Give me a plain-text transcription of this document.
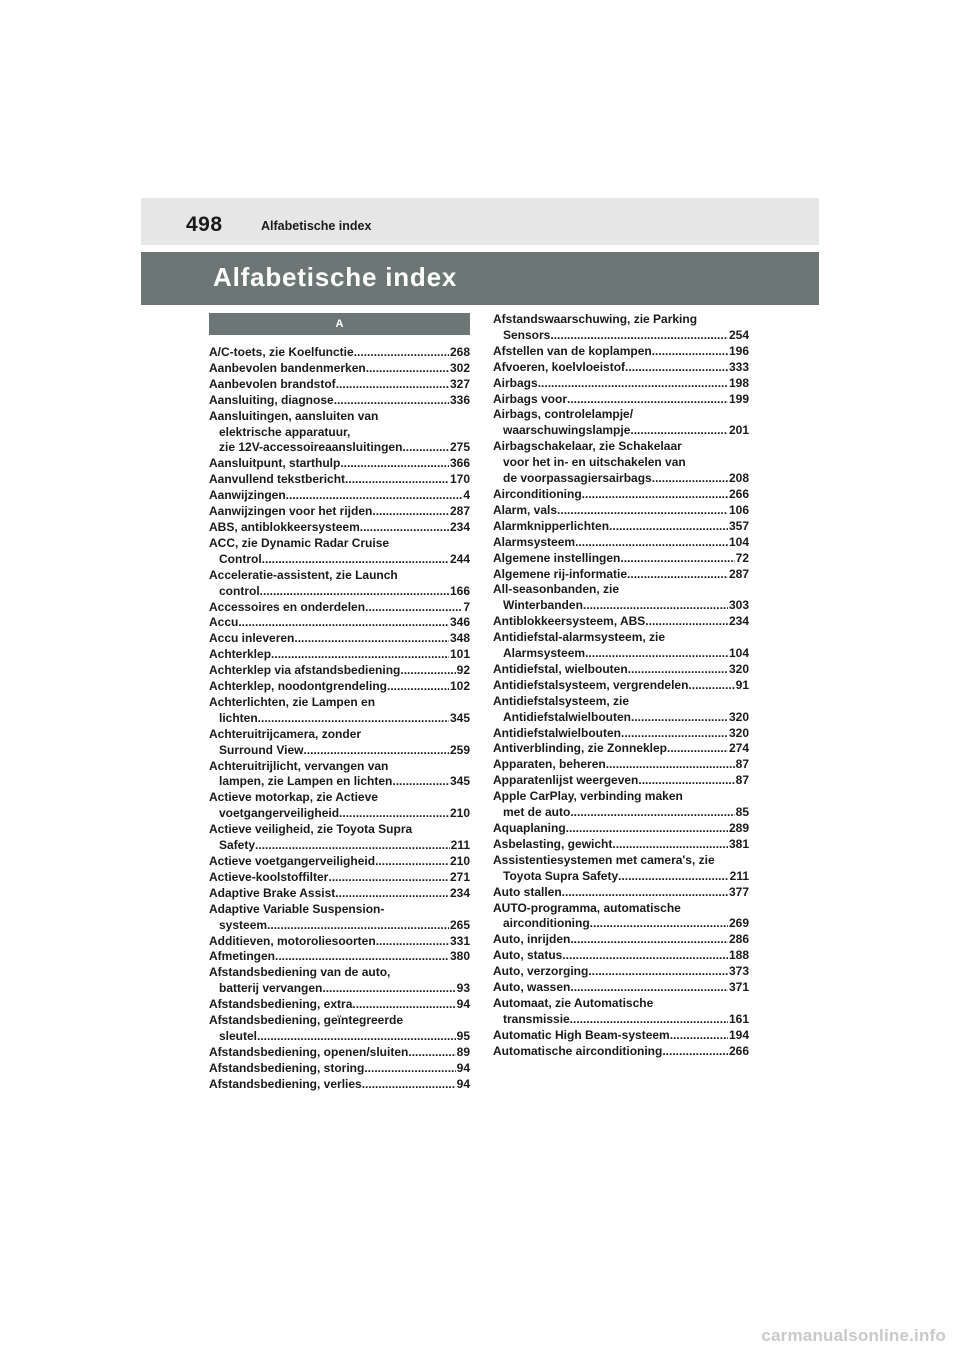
498	Alfabetische index
Alfabetische index
A
A/C-toets, zie Koelfunctie .....	268
Aanbevolen bandenmerken .....	302
Aanbevolen brandstof .....	327
Aansluiting, diagnose .....	336
Aansluitingen, aansluiten van
elektrische apparatuur,
zie 12V-accessoireaansluitingen .....	275
Aansluitpunt, starthulp .....	366
Aanvullend tekstbericht .....	170
Aanwijzingen .....	4
Aanwijzingen voor het rijden .....	287
ABS, antiblokkeersysteem .....	234
ACC, zie Dynamic Radar Cruise
Control .....	244
Acceleratie-assistent, zie Launch
control .....	166
Accessoires en onderdelen .....	7
Accu .....	346
Accu inleveren .....	348
Achterklep .....	101
Achterklep via afstandsbediening .....	92
Achterklep, noodontgrendeling .....	102
Achterlichten, zie Lampen en
lichten .....	345
Achteruitrijcamera, zonder
Surround View .....	259
Achteruitrijlicht, vervangen van
lampen, zie Lampen en lichten .....	345
Actieve motorkap, zie Actieve
voetgangerveiligheid .....	210
Actieve veiligheid, zie Toyota Supra
Safety .....	211
Actieve voetgangerveiligheid .....	210
Actieve-koolstoffilter .....	271
Adaptive Brake Assist .....	234
Adaptive Variable Suspension-
systeem .....	265
Additieven, motoroliesoorten .....	331
Afmetingen .....	380
Afstandsbediening van de auto,
batterij vervangen .....	93
Afstandsbediening, extra .....	94
Afstandsbediening, geïntegreerde
sleutel .....	95
Afstandsbediening, openen/sluiten .....	89
Afstandsbediening, storing .....	94
Afstandsbediening, verlies .....	94
Afstandswaarschuwing, zie Parking
Sensors .....	254
Afstellen van de koplampen .....	196
Afvoeren, koelvloeistof .....	333
Airbags .....	198
Airbags voor .....	199
Airbags, controlelampje/
waarschuwingslampje .....	201
Airbagschakelaar, zie Schakelaar
voor het in- en uitschakelen van
de voorpassagiersairbags .....	208
Airconditioning .....	266
Alarm, vals .....	106
Alarmknipperlichten .....	357
Alarmsysteem .....	104
Algemene instellingen .....	72
Algemene rij-informatie .....	287
All-seasonbanden, zie
Winterbanden .....	303
Antiblokkeersysteem, ABS .....	234
Antidiefstal-alarmsysteem, zie
Alarmsysteem .....	104
Antidiefstal, wielbouten .....	320
Antidiefstalsysteem, vergrendelen .....	91
Antidiefstalsysteem, zie
Antidiefstalwielbouten .....	320
Antidiefstalwielbouten .....	320
Antiverblinding, zie Zonneklep .....	274
Apparaten, beheren .....	87
Apparatenlijst weergeven .....	87
Apple CarPlay, verbinding maken
met de auto .....	85
Aquaplaning .....	289
Asbelasting, gewicht .....	381
Assistentiesystemen met camera's, zie
Toyota Supra Safety .....	211
Auto stallen .....	377
AUTO-programma, automatische
airconditioning .....	269
Auto, inrijden .....	286
Auto, status .....	188
Auto, verzorging .....	373
Auto, wassen .....	371
Automaat, zie Automatische
transmissie .....	161
Automatic High Beam-systeem .....	194
Automatische airconditioning .....	266
carmanualsonline.info
